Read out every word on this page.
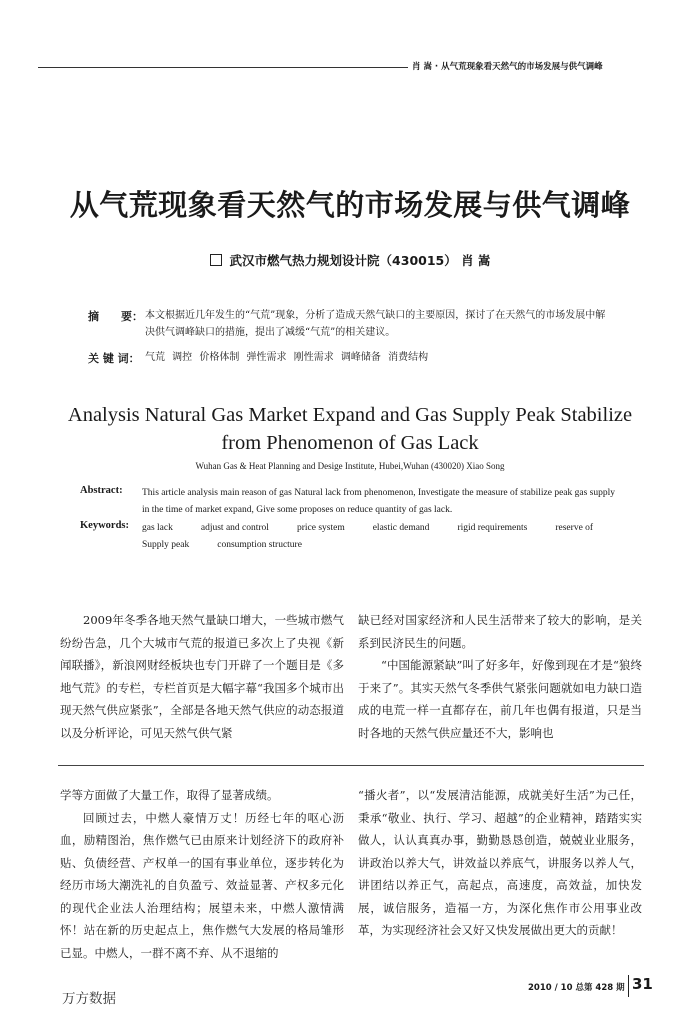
肖 嵩 · 从气荒现象看天然气的市场发展与供气调峰
从气荒现象看天然气的市场发展与供气调峰
武汉市燃气热力规划设计院（430015） 肖 嵩
摘　　要： 本文根据近几年发生的“气荒”现象，分析了造成天然气缺口的主要原因，探讨了在天然气的市场发展中解决供气调峰缺口的措施，提出了减缓“气荒”的相关建议。
关 键 词： 气荒 调控 价格体制 弹性需求 刚性需求 调峰储备 消费结构
Analysis Natural Gas Market Expand and Gas Supply Peak Stabilize
from Phenomenon of Gas Lack
Wuhan Gas & Heat Planning and Desige Institute, Hubei,Wuhan (430020) Xiao Song
Abstract: This article analysis main reason of gas Natural lack from phenomenon, Investigate the measure of stabilize peak gas supply in the time of market expand, Give some proposes on reduce quantity of gas lack.
Keywords: gas lack	adjust and control	price system	elastic demand	rigid requirements	reserve of Supply peak	consumption structure

2009年冬季各地天然气量缺口增大，一些城市燃气纷纷告急，几个大城市气荒的报道已多次上了央视《新闻联播》，新浪网财经板块也专门开辟了一个题目是《多地气荒》的专栏，专栏首页是大幅字幕“我国多个城市出现天然气供应紧张”，全部是各地天然气供应的动态报道以及分析评论，可见天然气供气紧

缺已经对国家经济和人民生活带来了较大的影响，是关系到民济民生的问题。

“中国能源紧缺”叫了好多年，好像到现在才是“狼终于来了”。其实天然气冬季供气紧张问题就如电力缺口造成的电荒一样一直都存在，前几年也偶有报道，只是当时各地的天然气供应量还不大，影响也

学等方面做了大量工作，取得了显著成绩。

回顾过去，中燃人豪情万丈！历经七年的呕心沥血，励精图治，焦作燃气已由原来计划经济下的政府补贴、负债经营、产权单一的国有事业单位，逐步转化为经历市场大潮洗礼的自负盈亏、效益显著、产权多元化的现代企业法人治理结构；展望未来，中燃人激情满怀！站在新的历史起点上，焦作燃气大发展的格局雏形已显。中燃人，一群不离不弃、从不退缩的

“播火者”，以“发展清洁能源，成就美好生活”为己任，秉承“敬业、执行、学习、超越”的企业精神，踏踏实实做人，认认真真办事，勤勤恳恳创造，兢兢业业服务，讲政治以养大气，讲效益以养底气，讲服务以养人气，讲团结以养正气，高起点，高速度，高效益，加快发展，诚信服务，造福一方，为深化焦作市公用事业改革，为实现经济社会又好又快发展做出更大的贡献！

2010 / 10 总第 428 期 31
万方数据
